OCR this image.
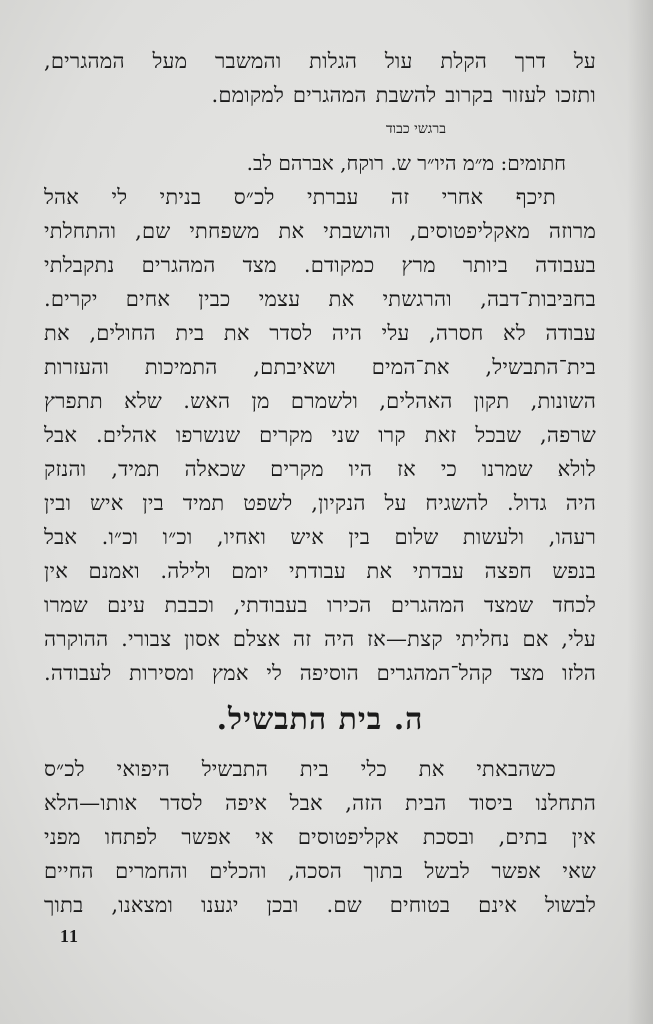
על דרך הקלת עול הגלות והמשבר מעל המהגרים,
ותזכו לעזור בקרוב להשבת המהגרים למקומם.
ברגשי כבוד
חתומים: מ״מ היו״ר ש. רוקח, אברהם לב.
תיכף אחרי זה עברתי לכ״ס בניתי לי אהל
מרוזה מאקליפטוסים, והושבתי את משפחתי שם, והתחלתי
בעבודה ביותר מרץ כמקודם. מצד המהגרים נתקבלתי
בחבּיבות־דבה, והרגשתי את עצמי כבין אחים יקרים.
עבודה לא חסרה, עלי היה לסדר את בית החולים, את
בית־התבשיל, את־המים ושאיבתם, התמיכות והעזרות
השונות, תקון האהלים, ולשמרם מן האש. שלא תתפרץ
שרפה, שבכל זאת קרו שני מקרים שנשרפו אהלים. אבל
לולא שמרנו כי אז היו מקרים שכאלה תמיד, והנזק
היה גדול. להשגיח על הנקיון, לשפט תמיד בין איש ובין
רעהו, ולעשות שלום בין איש ואחיו, וכ״ו וכ״ו. אבל
בנפש חפצה עבדתי את עבודתי יומם ולילה. ואמנם אין
לכחד שמצד המהגרים הכירו בעבודתי, וכבבת עינם שמרו
עלי, אם נחליתי קצת—אז היה זה אצלם אסון צבורי. ההוקרה
הלזו מצד קהל־המהגרים הוסיפה לי אמץ ומסירות לעבודה.
ה. בית התבשיל.
כשהבאתי את כלי בית התבשיל היפואי לכ״ס
התחלנו ביסוד הבית הזה, אבל איפה לסדר אותו—הלא
אין בתים, ובסכת אקליפטוסים אי אפשר לפתחו מפני
שאי אפשר לבשל בתוך הסכה, והכלים והחמרים החיים
לבשול אינם בטוחים שם. ובכן יגענו ומצאנו, בתוך
11
